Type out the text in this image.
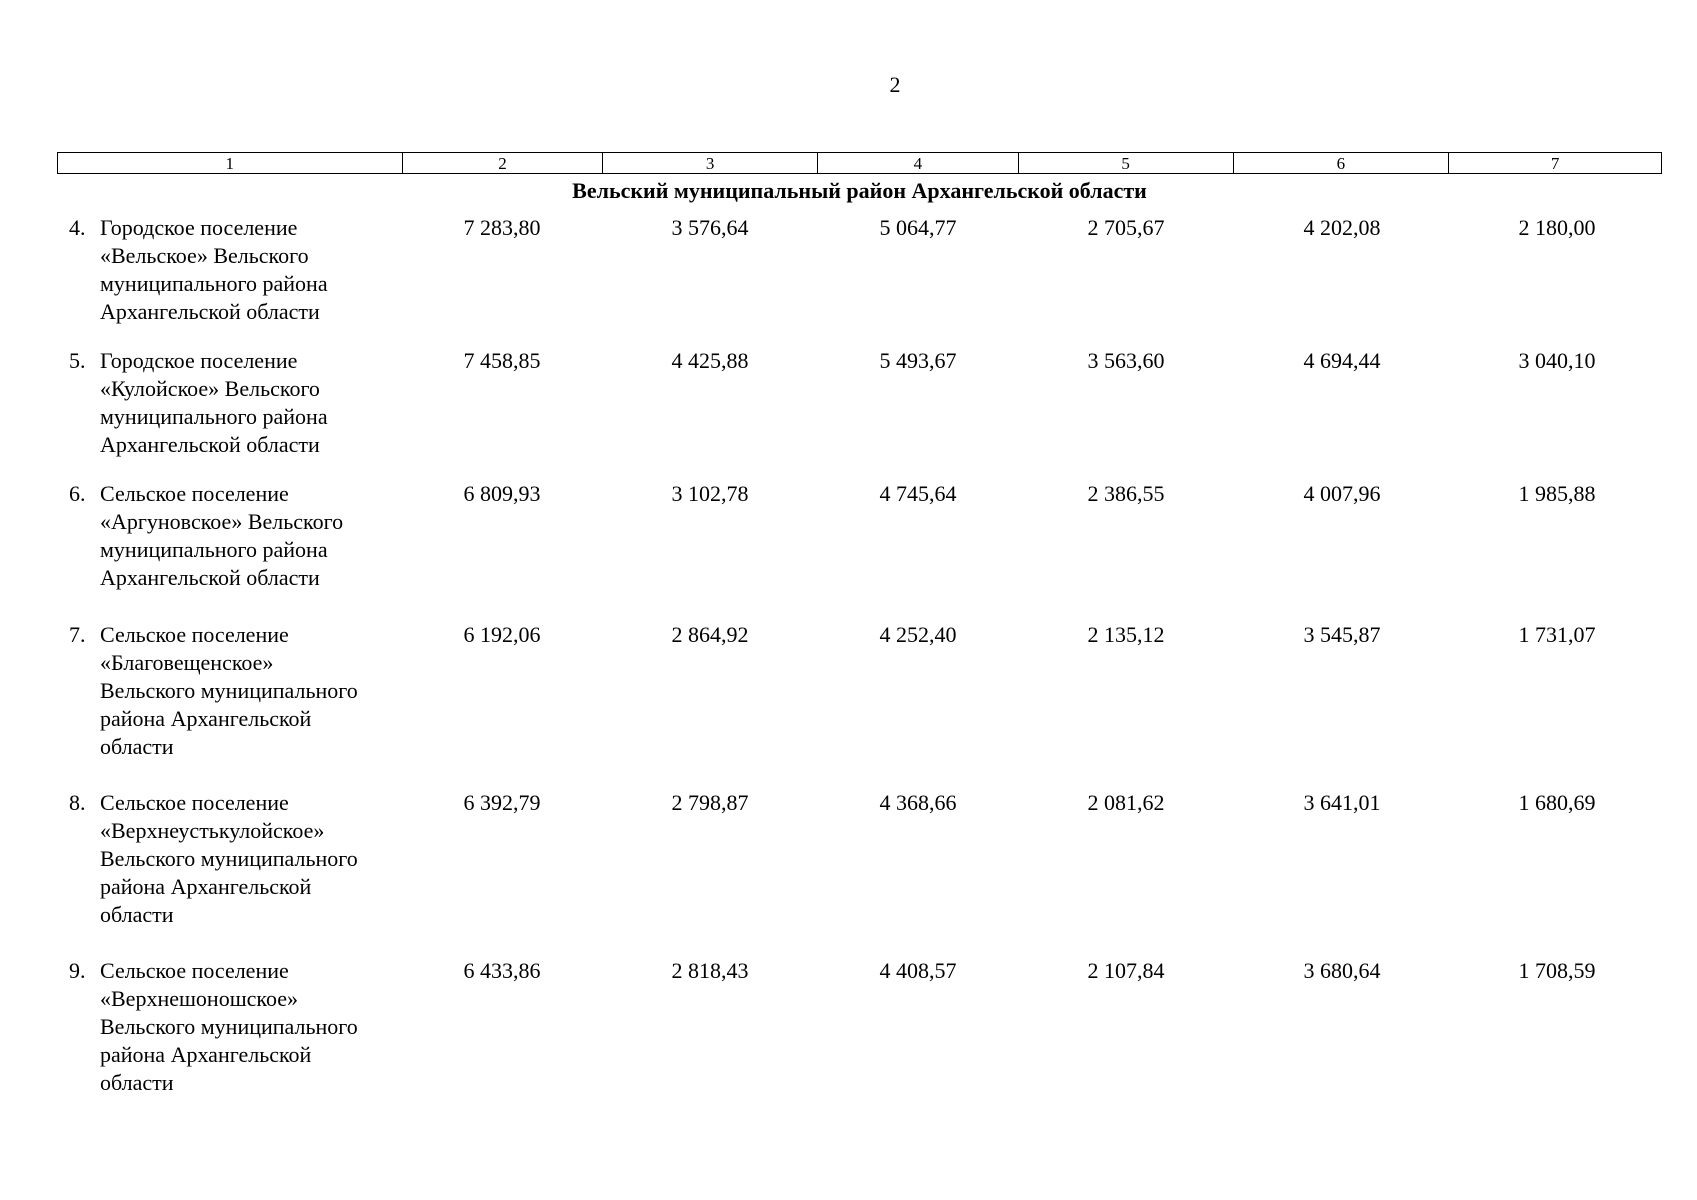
2
1	2	3	4	5	6	7
Вельский муниципальный район Архангельской области
4. Городское поселение
«Вельское» Вельского
муниципального района
Архангельской области
7 283,80	3 576,64	5 064,77	2 705,67	4 202,08	2 180,00
5. Городское поселение
«Кулойское» Вельского
муниципального района
Архангельской области
7 458,85	4 425,88	5 493,67	3 563,60	4 694,44	3 040,10
6. Сельское поселение
«Аргуновское» Вельского
муниципального района
Архангельской области
6 809,93	3 102,78	4 745,64	2 386,55	4 007,96	1 985,88
7. Сельское поселение
«Благовещенское»
Вельского муниципального
района Архангельской
области
6 192,06	2 864,92	4 252,40	2 135,12	3 545,87	1 731,07
8. Сельское поселение
«Верхнеустькулойское»
Вельского муниципального
района Архангельской
области
6 392,79	2 798,87	4 368,66	2 081,62	3 641,01	1 680,69
9. Сельское поселение
«Верхнешоношское»
Вельского муниципального
района Архангельской
области
6 433,86	2 818,43	4 408,57	2 107,84	3 680,64	1 708,59
